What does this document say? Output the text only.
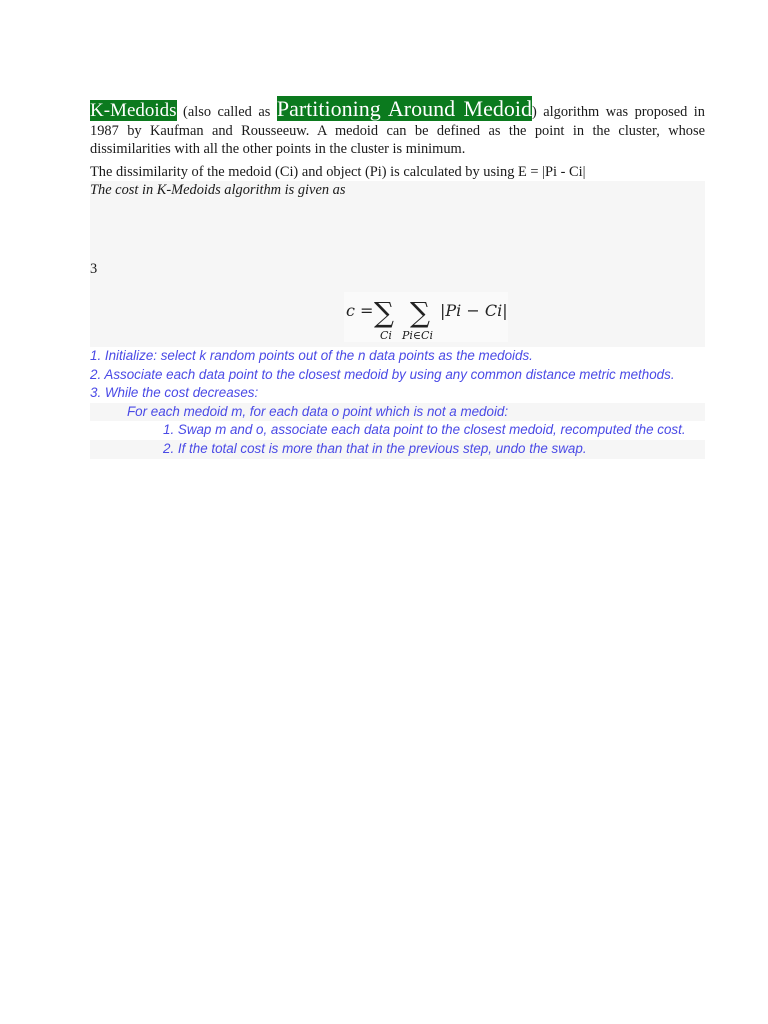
K-Medoids (also called as Partitioning Around Medoid) algorithm was proposed in 1987 by Kaufman and Rousseeuw. A medoid can be defined as the point in the cluster, whose dissimilarities with all the other points in the cluster is minimum.

The dissimilarity of the medoid (Ci) and object (Pi) is calculated by using E = |Pi - Ci|

The cost in K-Medoids algorithm is given as
3
c = ∑
Ci
∑
Pi∈Ci
|Pi − Ci|
1. Initialize: select k random points out of the n data points as the medoids.
2. Associate each data point to the closest medoid by using any common distance metric methods.
3. While the cost decreases:
For each medoid m, for each data o point which is not a medoid:
1. Swap m and o, associate each data point to the closest medoid, recomputed the cost.
2. If the total cost is more than that in the previous step, undo the swap.
